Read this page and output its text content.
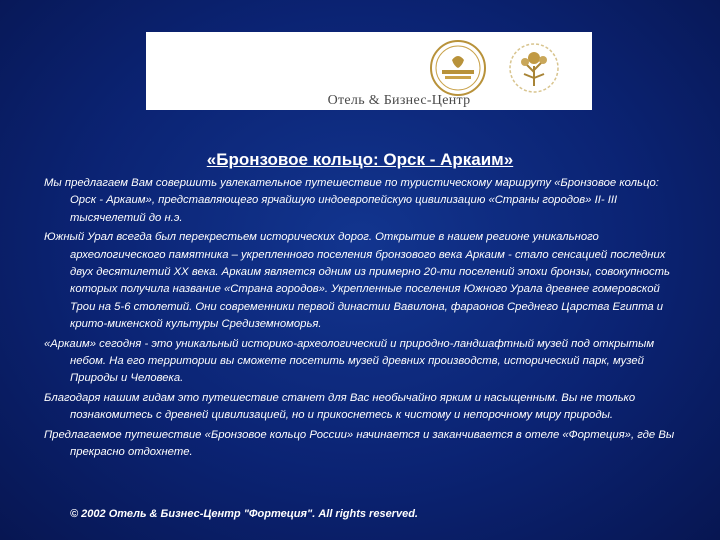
Отель & Бизнес-Центр
«Бронзовое кольцо: Орск - Аркаим»

Мы предлагаем Вам совершить увлекательное путешествие по туристическому маршруту «Бронзовое кольцо: Орск - Аркаим», представляющего ярчайшую индоевропейскую цивилизацию «Страны городов» II- III тысячелетий до н.э.

Южный Урал всегда был перекрестьем исторических дорог. Открытие в нашем регионе уникального археологического памятника – укрепленного поселения бронзового века Аркаим - стало сенсацией последних двух десятилетий XX века. Аркаим является одним из примерно 20-ти поселений эпохи бронзы, совокупность которых получила название «Страна городов». Укрепленные поселения Южного Урала древнее гомеровской Трои на 5-6 столетий. Они современники первой династии Вавилона, фараонов Среднего Царства Египта и крито-микенской культуры Средиземноморья.

«Аркаим» сегодня - это уникальный историко-археологический и природно-ландшафтный музей под открытым небом. На его территории вы сможете посетить музей древних производств, исторический парк, музей Природы и Человека.

Благодаря нашим гидам это путешествие станет для Вас необычайно ярким и насыщенным. Вы не только познакомитесь с древней цивилизацией, но и прикоснетесь к чистому и непорочному миру природы.

Предлагаемое путешествие «Бронзовое кольцо России» начинается и заканчивается в отеле «Фортеция», где Вы прекрасно отдохнете.

© 2002 Отель & Бизнес-Центр "Фортеция". All rights reserved.
